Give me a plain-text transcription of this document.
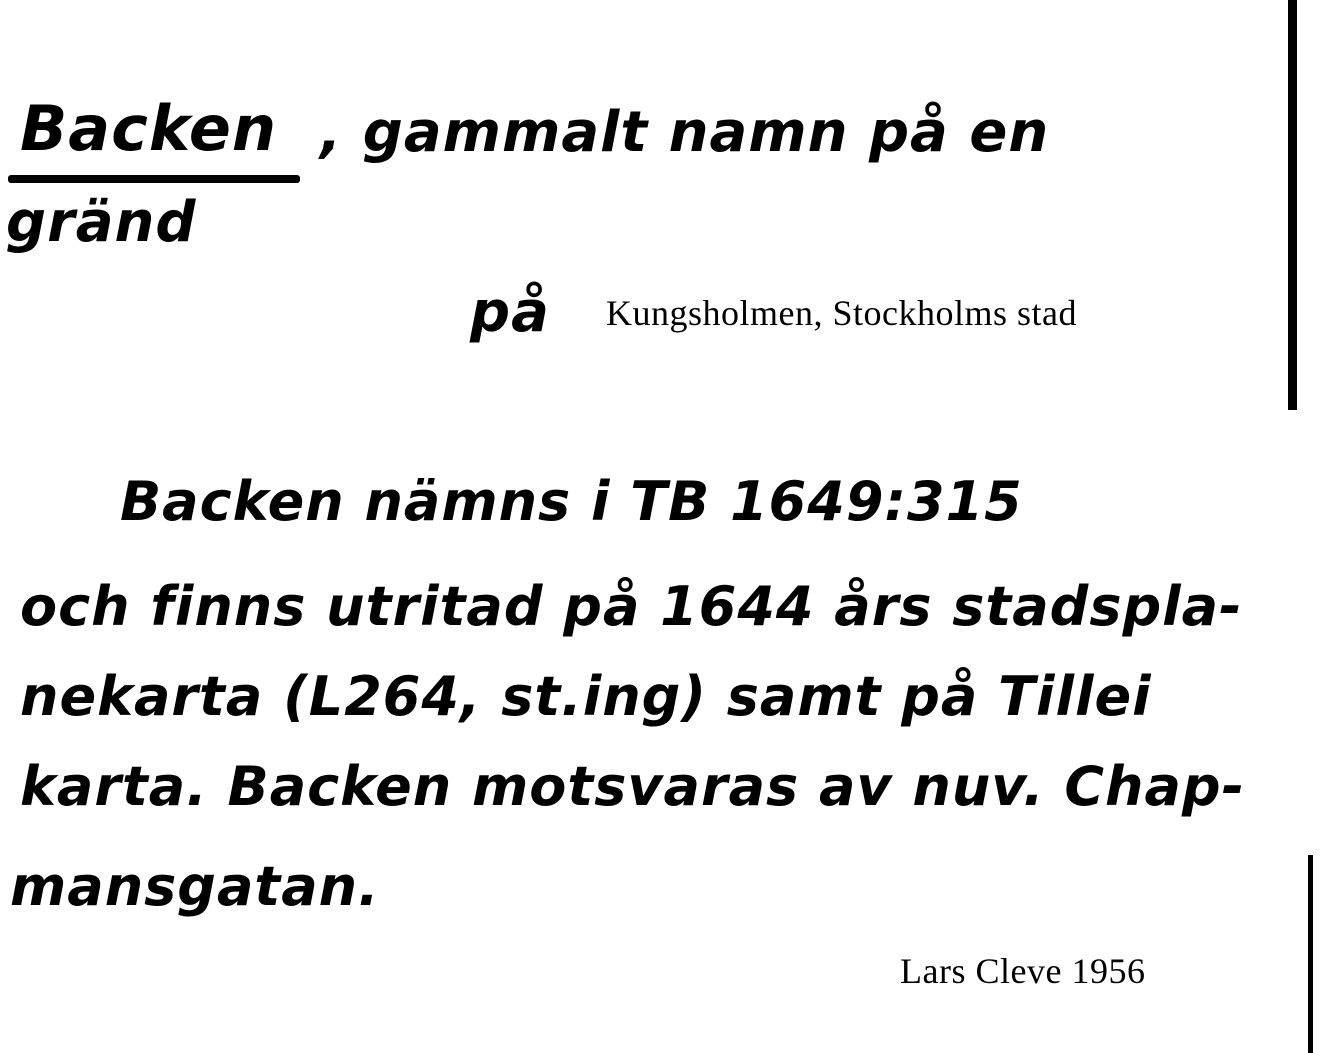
Backen , gammalt namn på en
gränd
på Kungsholmen, Stockholms stad
Backen nämns i TB 1649:315
och finns utritad på 1644 års stadspla-
nekarta (L264, st.ing) samt på Tillei
karta. Backen motsvaras av nuv. Chap-
mansgatan.
Lars Cleve 1956
